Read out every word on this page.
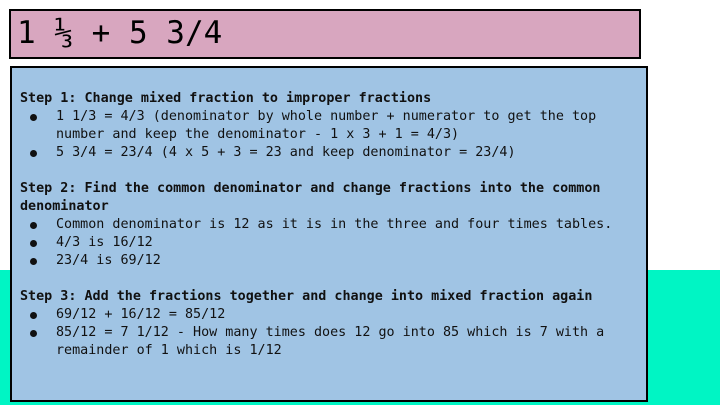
1 ⅓ + 5 3/4

Step 1: Change mixed fraction to improper fractions

1 1/3 = 4/3 (denominator by whole number + numerator to get the top number and keep the denominator - 1 x 3 + 1 = 4/3)
5 3/4 = 23/4 (4 x 5 + 3 = 23 and keep denominator = 23/4)

Step 2: Find the common denominator and change fractions into the common denominator

Common denominator is 12 as it is in the three and four times tables.
4/3 is 16/12
23/4 is 69/12

Step 3: Add the fractions together and change into mixed fraction again

69/12 + 16/12 = 85/12
85/12 = 7 1/12 - How many times does 12 go into 85 which is 7 with a remainder of 1 which is 1/12
